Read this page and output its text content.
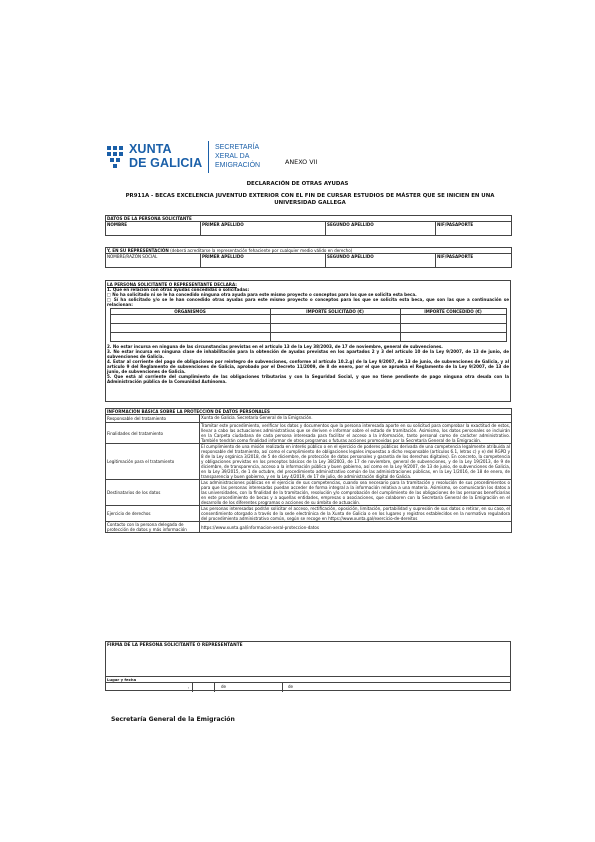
XUNTA
DE GALICIA
SECRETARÍA
XERAL DA
EMIGRACIÓN	ANEXO VII
DECLARACIÓN DE OTRAS AYUDAS
PR911A - BECAS EXCELENCIA JUVENTUD EXTERIOR CON EL FIN DE CURSAR ESTUDIOS DE MÁSTER QUE SE INICIEN EN UNA UNIVERSIDAD GALLEGA
DATOS DE LA PERSONA SOLICITANTE
NOMBRE	PRIMER APELLIDO	SEGUNDO APELLIDO	NIF/PASAPORTE
Y, EN SU REPRESENTACIÓN (deberá acreditarse la representación fehaciente por cualquier medio válido en derecho)
NOMBRE/RAZÓN SOCIAL	PRIMER APELLIDO	SEGUNDO APELLIDO	NIF/PASAPORTE
LA PERSONA SOLICITANTE O REPRESENTANTE DECLARA:
1. Que en relación con otras ayudas concedidas o solicitadas:
□ No ha solicitado ni se le ha concedido ninguna otra ayuda para este mismo proyecto o conceptos para los que se solicita esta beca.
□ Sí ha solicitado y/o se le han concedido otras ayudas para este mismo proyecto o conceptos para los que se solicita esta beca, que son las que a continuación se relacionan:
ORGANISMOS	IMPORTE SOLICITADO (€)	IMPORTE CONCEDIDO (€)

2. No estar incursa en ninguna de las circunstancias previstas en el artículo 13 de la Ley 38/2003, de 17 de noviembre, general de subvenciones.
3. No estar incursa en ninguna clase de inhabilitación para la obtención de ayudas previstas en los apartados 2 y 3 del artículo 10 de la Ley 9/2007, de 13 de junio, de subvenciones de Galicia.
4. Estar al corriente del pago de obligaciones por reintegro de subvenciones, conforme al artículo 10.2.g) de la Ley 9/2007, de 13 de junio, de subvenciones de Galicia, y al artículo 9 del Reglamento de subvenciones de Galicia, aprobado por el Decreto 11/2009, de 8 de enero, por el que se aprueba el Reglamento de la Ley 9/2007, de 13 de junio, de subvenciones de Galicia.
5. Que está al corriente del cumplimiento de las obligaciones tributarias y con la Seguridad Social, y que no tiene pendiente de pago ninguna otra deuda con la Administración pública de la Comunidad Autónoma.
INFORMACIÓN BÁSICA SOBRE LA PROTECCIÓN DE DATOS PERSONALES	
Responsable del tratamiento	Xunta de Galicia. Secretaría General de la Emigración.
Finalidades del tratamiento	Tramitar este procedimiento, verificar los datos y documentos que la persona interesada aporte en su solicitud para comprobar la exactitud de estos, llevar a cabo las actuaciones administrativas que se deriven e informar sobre el estado de tramitación. Asimismo, los datos personales se incluirán en la Carpeta ciudadana de cada persona interesada para facilitar el acceso a la información, tanto personal como de carácter administrativo. También tendrán como finalidad informar de otros programas o futuras acciones promovidas por la Secretaría General de la Emigración.
Legitimación para el tratamiento	El cumplimiento de una misión realizada en interés público o en el ejercicio de poderes públicos derivada de una competencia legalmente atribuida al responsable del tratamiento, así como el cumplimiento de obligaciones legales impuestas a dicho responsable (artículos 6.1, letras c) y e) del RGPD y 8 de la Ley orgánica 3/2018, de 5 de diciembre, de protección de datos personales y garantía de los derechos digitales). En concreto, la competencia y obligaciones previstas en los preceptos básicos de la Ley 38/2003, de 17 de noviembre, general de subvenciones, y de la Ley 19/2013, de 9 de diciembre, de transparencia, acceso a la información pública y buen gobierno, así como en la Ley 9/2007, de 13 de junio, de subvenciones de Galicia, en la Ley 39/2015, de 1 de octubre, del procedimiento administrativo común de las administraciones públicas, en la Ley 1/2016, de 18 de enero, de transparencia y buen gobierno, y en la Ley 4/2019, de 17 de julio, de administración digital de Galicia.
Destinatarios de los datos	Las administraciones públicas en el ejercicio de sus competencias, cuando sea necesario para la tramitación y resolución de sus procedimientos o para que las personas interesadas puedan acceder de forma integral a la información relativa a una materia. Asimismo, se comunicarán los datos a las universidades, con la finalidad de la tramitación, resolución y/o comprobación del cumplimiento de las obligaciones de las personas beneficiarias en este procedimiento de becas y a aquellas entidades, empresas o asociaciones, que colaboren con la Secretaría General de la Emigración en el desarrollo de los diferentes programas o acciones de su ámbito de actuación.
Ejercicio de derechos	Las personas interesadas podrán solicitar el acceso, rectificación, oposición, limitación, portabilidad y supresión de sus datos o retirar, en su caso, el consentimiento otorgado a través de la sede electrónica de la Xunta de Galicia o en los lugares y registros establecidos en la normativa reguladora del procedimiento administrativo común, según se recoge en https://www.xunta.gal/exercicio-de-dereitos
Contacto con la persona delegada de protección de datos y más información	https://www.xunta.gal/informacion-xeral-proteccion-datos
FIRMA DE LA PERSONA SOLICITANTE O REPRESENTANTE
Lugar y fecha
,	de	de
Secretaría General de la Emigración
